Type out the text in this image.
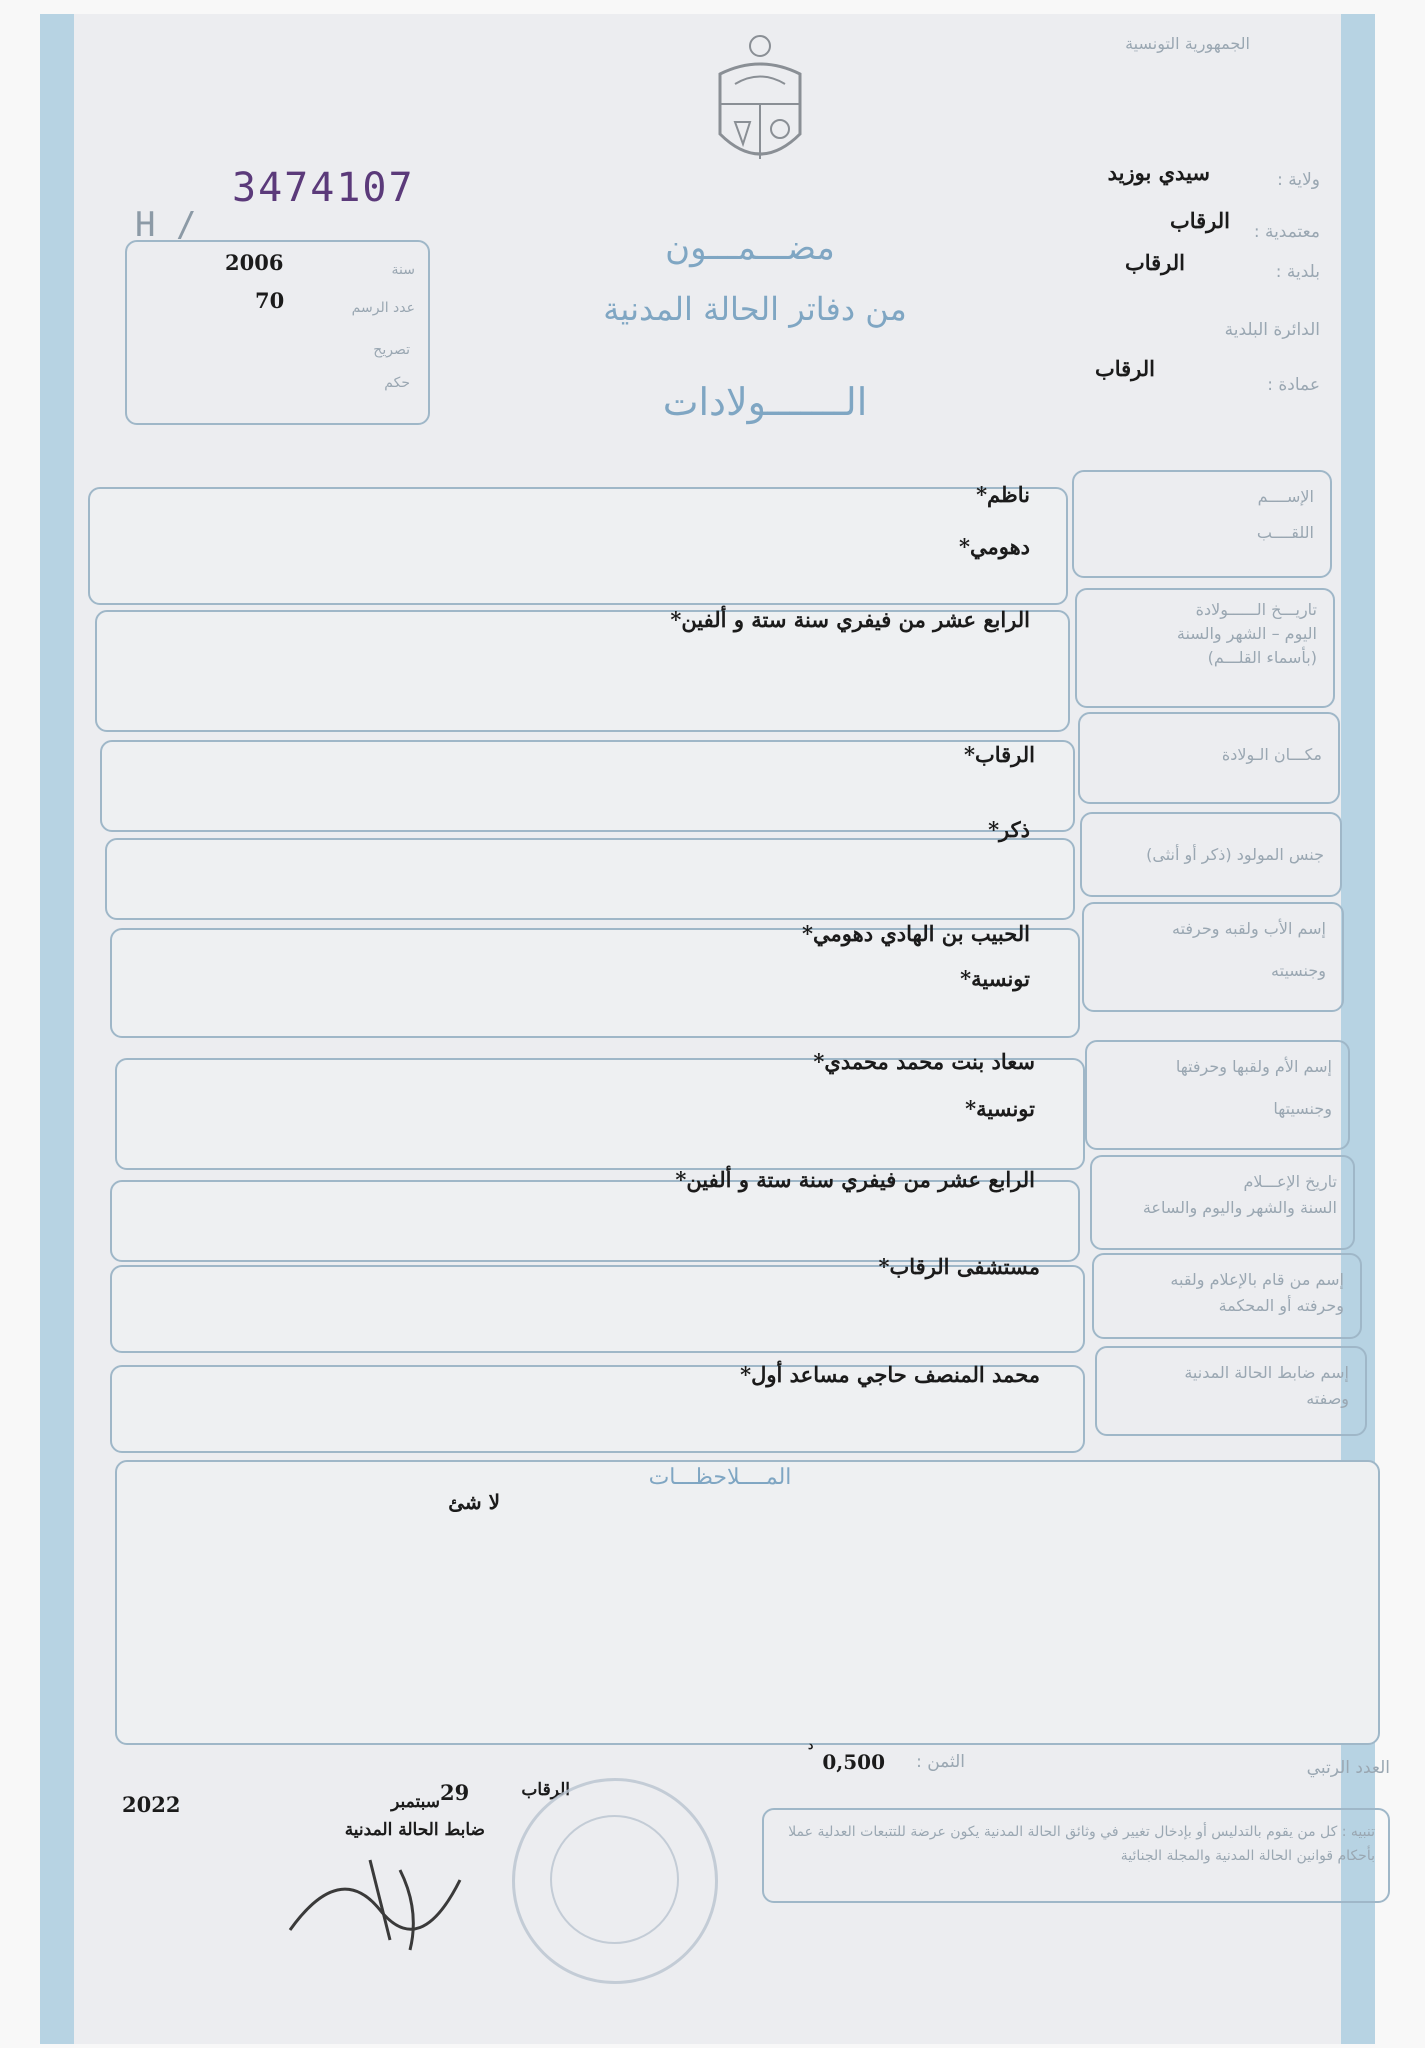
الجمهورية التونسية
ولاية :
معتمدية :
بلدية :
الدائرة البلدية
عمادة :
سيدي بوزيد
الرقاب
الرقاب
الرقاب
H /
3474107
سنة
عدد الرسم
تصريح
حكم
2006
70
مضـــمـــون
من دفاتر الحالة المدنية
الـــــــولادات
الإســــم
اللقــــب
ناظم*
دهومي*
تاريـــخ الــــــولادة
اليوم – الشهر والسنة
(بأسماء القلـــم)
الرابع عشر من فيفري سنة ستة و ألفين*
مكـــان الـولادة
الرقاب*
جنس المولود (ذكر أو أنثى)
ذكر*
إسم الأب ولقبه وحرفته
وجنسيته
الحبيب بن الهادي دهومي*
تونسية*
إسم الأم ولقبها وحرفتها
وجنسيتها
سعاد بنت محمد محمدي*
تونسية*
تاريخ الإعـــلام
السنة والشهر واليوم والساعة
الرابع عشر من فيفري سنة ستة و ألفين*
إسم من قام بالإعلام ولقبه
وحرفته أو المحكمة
مستشفى الرقاب*
إسم ضابط الحالة المدنية
وصفته
محمد المنصف حاجي مساعد أول*
المــــلاحظـــات
لا شئ
العدد الرتبي
الثمن :
0,500
د
الرقاب
29
سبتمبر
2022
ضابط الحالة المدنية	تنبيه : كل من يقوم بالتدليس أو بإدخال تغيير في وثائق الحالة المدنية يكون عرضة للتتبعات العدلية عملا بأحكام قوانين الحالة المدنية والمجلة الجنائية
